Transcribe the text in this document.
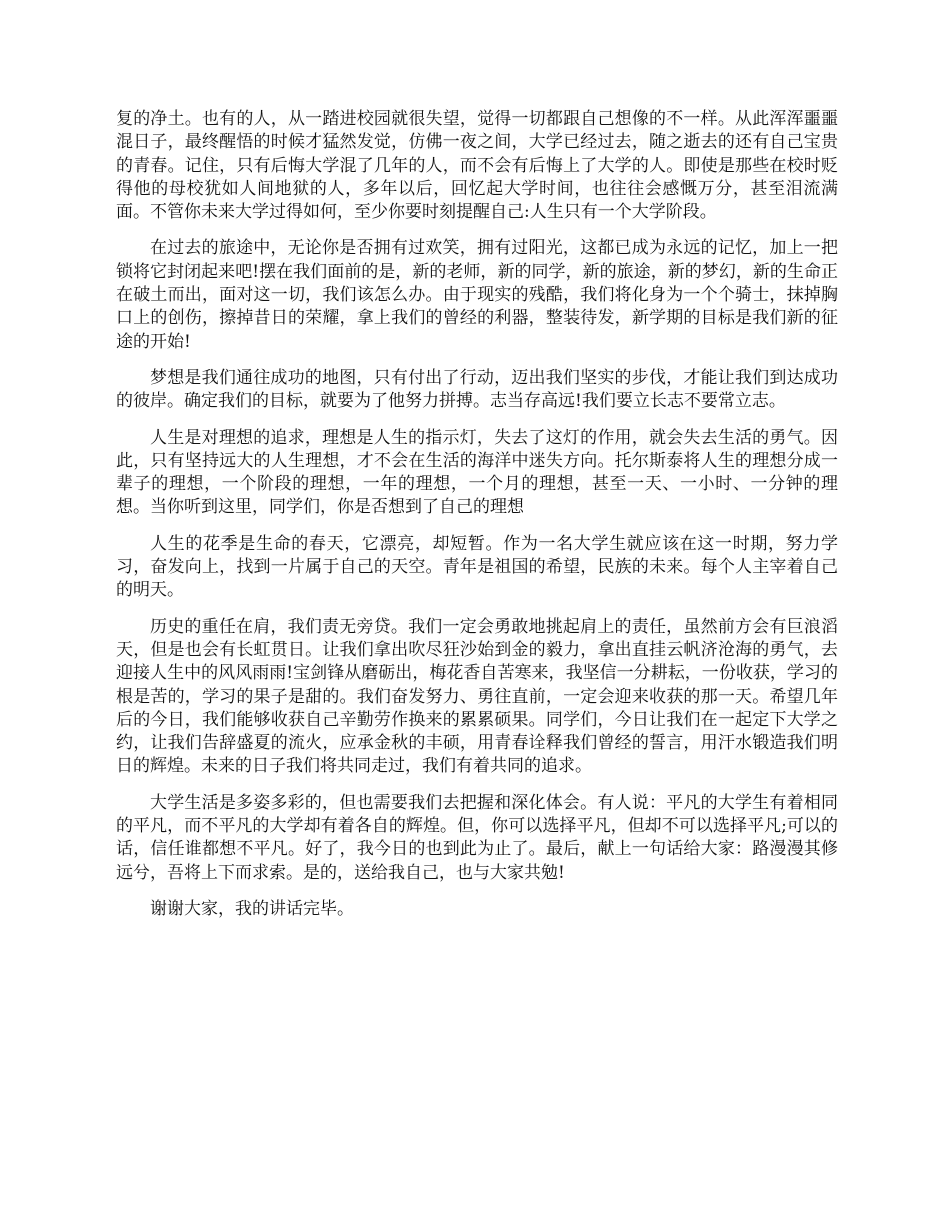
复的净土。也有的人，从一踏进校园就很失望，觉得一切都跟自己想像的不一样。从此浑浑噩噩混日子，最终醒悟的时候才猛然发觉，仿佛一夜之间，大学已经过去，随之逝去的还有自己宝贵的青春。记住，只有后悔大学混了几年的人，而不会有后悔上了大学的人。即使是那些在校时贬得他的母校犹如人间地狱的人，多年以后，回忆起大学时间，也往往会感慨万分，甚至泪流满面。不管你未来大学过得如何，至少你要时刻提醒自己:人生只有一个大学阶段。

在过去的旅途中，无论你是否拥有过欢笑，拥有过阳光，这都已成为永远的记忆，加上一把锁将它封闭起来吧!摆在我们面前的是，新的老师，新的同学，新的旅途，新的梦幻，新的生命正在破土而出，面对这一切，我们该怎么办。由于现实的残酷，我们将化身为一个个骑士，抹掉胸口上的创伤，擦掉昔日的荣耀，拿上我们的曾经的利器，整装待发，新学期的目标是我们新的征途的开始!

梦想是我们通往成功的地图，只有付出了行动，迈出我们坚实的步伐，才能让我们到达成功的彼岸。确定我们的目标，就要为了他努力拼搏。志当存高远!我们要立长志不要常立志。

人生是对理想的追求，理想是人生的指示灯，失去了这灯的作用，就会失去生活的勇气。因此，只有坚持远大的人生理想，才不会在生活的海洋中迷失方向。托尔斯泰将人生的理想分成一辈子的理想，一个阶段的理想，一年的理想，一个月的理想，甚至一天、一小时、一分钟的理想。当你听到这里，同学们，你是否想到了自己的理想

人生的花季是生命的春天，它漂亮，却短暂。作为一名大学生就应该在这一时期，努力学习，奋发向上，找到一片属于自己的天空。青年是祖国的希望，民族的未来。每个人主宰着自己的明天。

历史的重任在肩，我们责无旁贷。我们一定会勇敢地挑起肩上的责任，虽然前方会有巨浪滔天，但是也会有长虹贯日。让我们拿出吹尽狂沙始到金的毅力，拿出直挂云帆济沧海的勇气，去迎接人生中的风风雨雨!宝剑锋从磨砺出，梅花香自苦寒来，我坚信一分耕耘，一份收获，学习的根是苦的，学习的果子是甜的。我们奋发努力、勇往直前，一定会迎来收获的那一天。希望几年后的今日，我们能够收获自己辛勤劳作换来的累累硕果。同学们，今日让我们在一起定下大学之约，让我们告辞盛夏的流火，应承金秋的丰硕，用青春诠释我们曾经的誓言，用汗水锻造我们明日的辉煌。未来的日子我们将共同走过，我们有着共同的追求。

大学生活是多姿多彩的，但也需要我们去把握和深化体会。有人说：平凡的大学生有着相同的平凡，而不平凡的大学却有着各自的辉煌。但，你可以选择平凡，但却不可以选择平凡;可以的话，信任谁都想不平凡。好了，我今日的也到此为止了。最后，献上一句话给大家：路漫漫其修远兮，吾将上下而求索。是的，送给我自己，也与大家共勉!

谢谢大家，我的讲话完毕。
